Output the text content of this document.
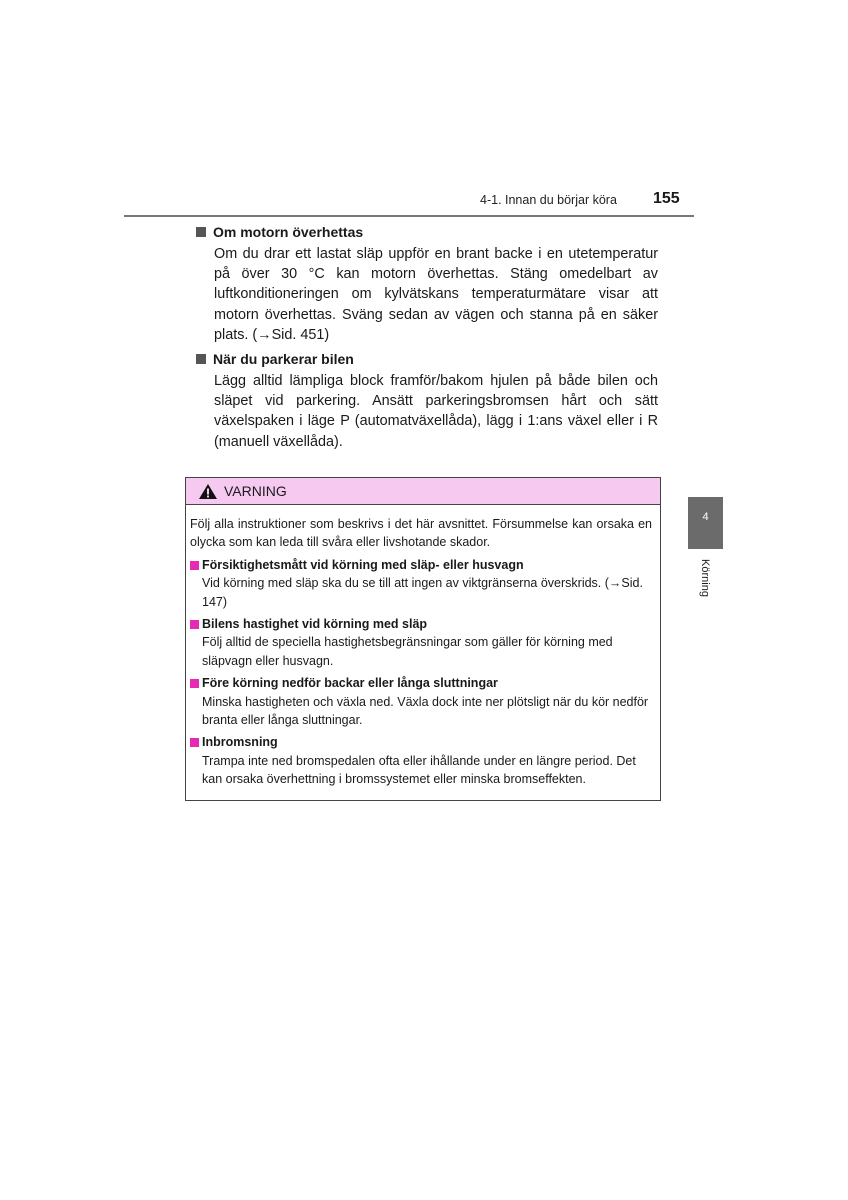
4-1. Innan du börjar köra 155
Om motorn överhettas
Om du drar ett lastat släp uppför en brant backe i en utetemperatur på över 30 °C kan motorn överhettas. Stäng omedelbart av luftkonditioneringen om kylvätskans temperaturmätare visar att motorn överhettas. Sväng sedan av vägen och stanna på en säker plats. (→Sid. 451)
När du parkerar bilen
Lägg alltid lämpliga block framför/bakom hjulen på både bilen och släpet vid parkering. Ansätt parkeringsbromsen hårt och sätt växelspaken i läge P (automatväxellåda), lägg i 1:ans växel eller i R (manuell växellåda).
VARNING
Följ alla instruktioner som beskrivs i det här avsnittet. Försummelse kan orsaka en olycka som kan leda till svåra eller livshotande skador.
Försiktighetsmått vid körning med släp- eller husvagn
Vid körning med släp ska du se till att ingen av viktgränserna överskrids. (→Sid. 147)
Bilens hastighet vid körning med släp
Följ alltid de speciella hastighetsbegränsningar som gäller för körning med släpvagn eller husvagn.
Före körning nedför backar eller långa sluttningar
Minska hastigheten och växla ned. Växla dock inte ner plötsligt när du kör nedför branta eller långa sluttningar.
Inbromsning
Trampa inte ned bromspedalen ofta eller ihållande under en längre period. Det kan orsaka överhettning i bromssystemet eller minska bromseffekten.
4
Körning
